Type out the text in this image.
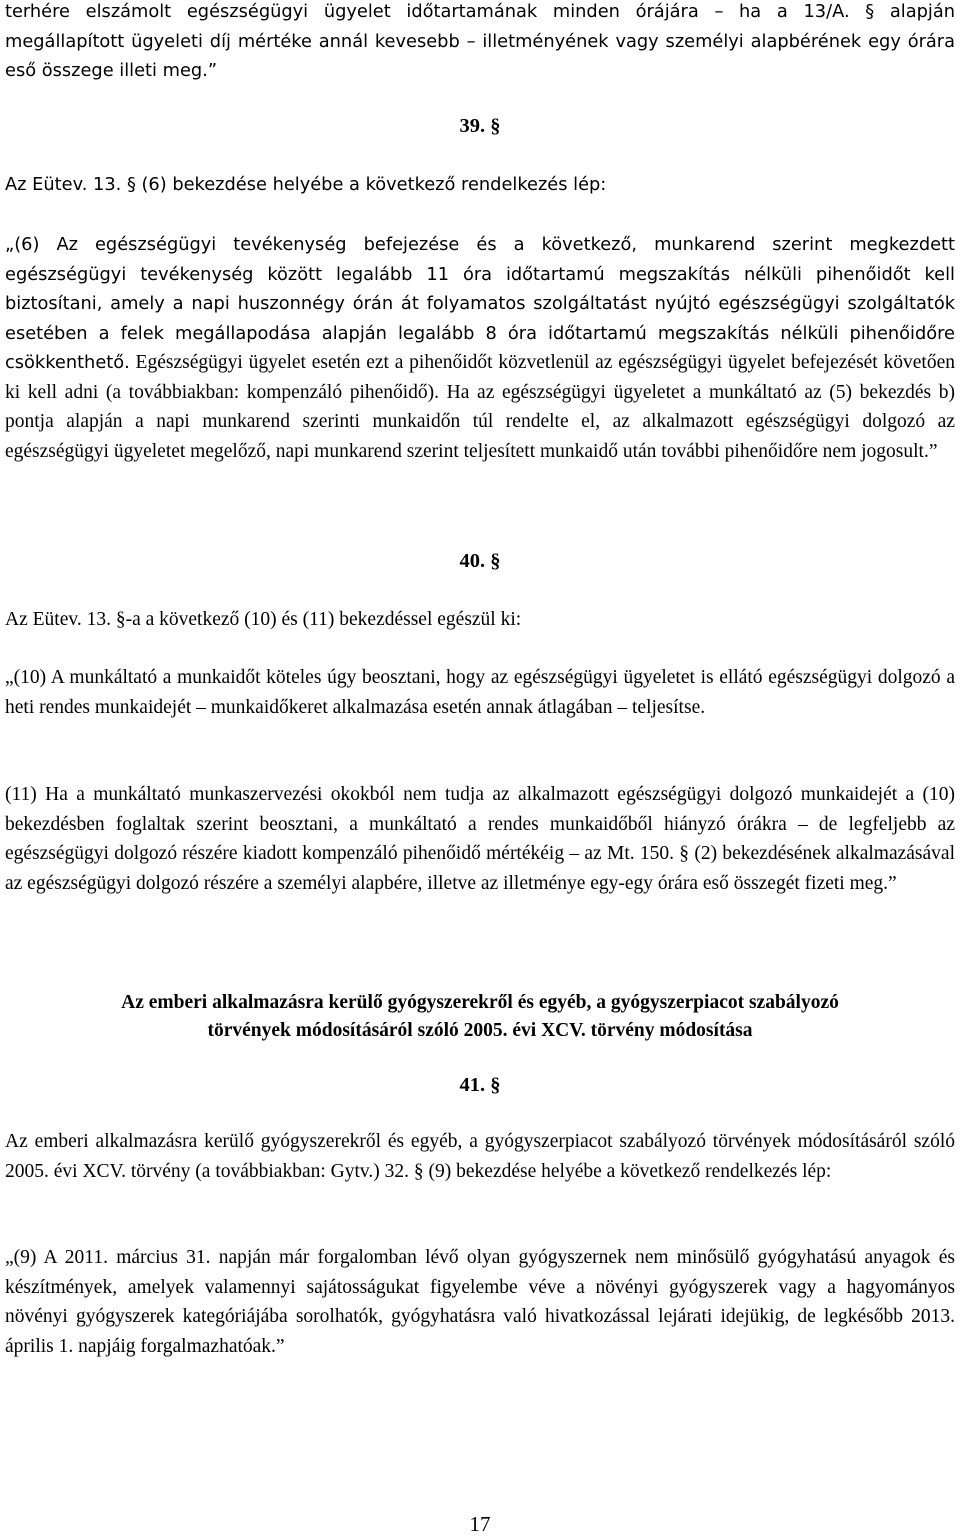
terhére elszámolt egészségügyi ügyelet időtartamának minden órájára – ha a 13/A. § alapján megállapított ügyeleti díj mértéke annál kevesebb – illetményének vagy személyi alapbérének egy órára eső összege illeti meg.”

39. §

Az Eütev. 13. § (6) bekezdése helyébe a következő rendelkezés lép:

„(6) Az egészségügyi tevékenység befejezése és a következő, munkarend szerint megkezdett egészségügyi tevékenység között legalább 11 óra időtartamú megszakítás nélküli pihenőidőt kell biztosítani, amely a napi huszonnégy órán át folyamatos szolgáltatást nyújtó egészségügyi szolgáltatók esetében a felek megállapodása alapján legalább 8 óra időtartamú megszakítás nélküli pihenőidőre csökkenthető. Egészségügyi ügyelet esetén ezt a pihenőidőt közvetlenül az egészségügyi ügyelet befejezését követően ki kell adni (a továbbiakban: kompenzáló pihenőidő). Ha az egészségügyi ügyeletet a munkáltató az (5) bekezdés b) pontja alapján a napi munkarend szerinti munkaidőn túl rendelte el, az alkalmazott egészségügyi dolgozó az egészségügyi ügyeletet megelőző, napi munkarend szerint teljesített munkaidő után további pihenőidőre nem jogosult.”

40. §

Az Eütev. 13. §-a a következő (10) és (11) bekezdéssel egészül ki:

„(10) A munkáltató a munkaidőt köteles úgy beosztani, hogy az egészségügyi ügyeletet is ellátó egészségügyi dolgozó a heti rendes munkaidejét – munkaidőkeret alkalmazása esetén annak átlagában – teljesítse.

(11) Ha a munkáltató munkaszervezési okokból nem tudja az alkalmazott egészségügyi dolgozó munkaidejét a (10) bekezdésben foglaltak szerint beosztani, a munkáltató a rendes munkaidőből hiányzó órákra – de legfeljebb az egészségügyi dolgozó részére kiadott kompenzáló pihenőidő mértékéig – az Mt. 150. § (2) bekezdésének alkalmazásával az egészségügyi dolgozó részére a személyi alapbére, illetve az illetménye egy-egy órára eső összegét fizeti meg.”

Az emberi alkalmazásra kerülő gyógyszerekről és egyéb, a gyógyszerpiacot szabályozó

törvények módosításáról szóló 2005. évi XCV. törvény módosítása

41. §

Az emberi alkalmazásra kerülő gyógyszerekről és egyéb, a gyógyszerpiacot szabályozó törvények módosításáról szóló 2005. évi XCV. törvény (a továbbiakban: Gytv.) 32. § (9) bekezdése helyébe a következő rendelkezés lép:

„(9) A 2011. március 31. napján már forgalomban lévő olyan gyógyszernek nem minősülő gyógyhatású anyagok és készítmények, amelyek valamennyi sajátosságukat figyelembe véve a növényi gyógyszerek vagy a hagyományos növényi gyógyszerek kategóriájába sorolhatók, gyógyhatásra való hivatkozással lejárati idejükig, de legkésőbb 2013. április 1. napjáig forgalmazhatóak.”

17
